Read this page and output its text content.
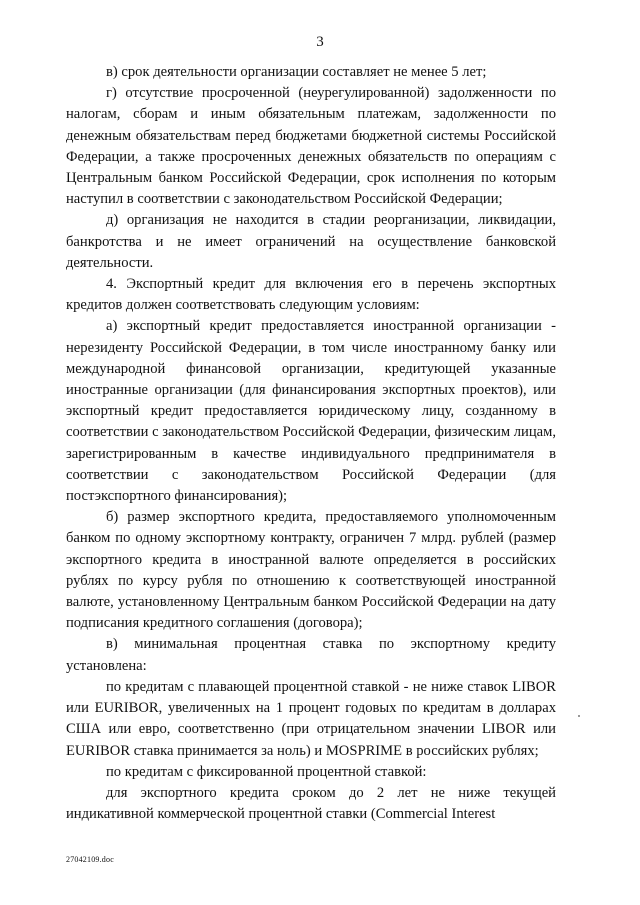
3

в) срок деятельности организации составляет не менее 5 лет;

г) отсутствие просроченной (неурегулированной) задолженности по налогам, сборам и иным обязательным платежам, задолженности по денежным обязательствам перед бюджетами бюджетной системы Российской Федерации, а также просроченных денежных обязательств по операциям с Центральным банком Российской Федерации, срок исполнения по которым наступил в соответствии с законодательством Российской Федерации;

д) организация не находится в стадии реорганизации, ликвидации, банкротства и не имеет ограничений на осуществление банковской деятельности.

4. Экспортный кредит для включения его в перечень экспортных кредитов должен соответствовать следующим условиям:

а) экспортный кредит предоставляется иностранной организации - нерезиденту Российской Федерации, в том числе иностранному банку или международной финансовой организации, кредитующей указанные иностранные организации (для финансирования экспортных проектов), или экспортный кредит предоставляется юридическому лицу, созданному в соответствии с законодательством Российской Федерации, физическим лицам, зарегистрированным в качестве индивидуального предпринимателя в соответствии с законодательством Российской Федерации (для постэкспортного финансирования);

б) размер экспортного кредита, предоставляемого уполномоченным банком по одному экспортному контракту, ограничен 7 млрд. рублей (размер экспортного кредита в иностранной валюте определяется в российских рублях по курсу рубля по отношению к соответствующей иностранной валюте, установленному Центральным банком Российской Федерации на дату подписания кредитного соглашения (договора);

в) минимальная процентная ставка по экспортному кредиту установлена:

по кредитам с плавающей процентной ставкой - не ниже ставок LIBOR или EURIBOR, увеличенных на 1 процент годовых по кредитам в долларах США или евро, соответственно (при отрицательном значении LIBOR или EURIBOR ставка принимается за ноль) и MOSPRIME в российских рублях;

по кредитам с фиксированной процентной ставкой:

для экспортного кредита сроком до 2 лет не ниже текущей индикативной коммерческой процентной ставки (Commercial Interest

27042109.doc
